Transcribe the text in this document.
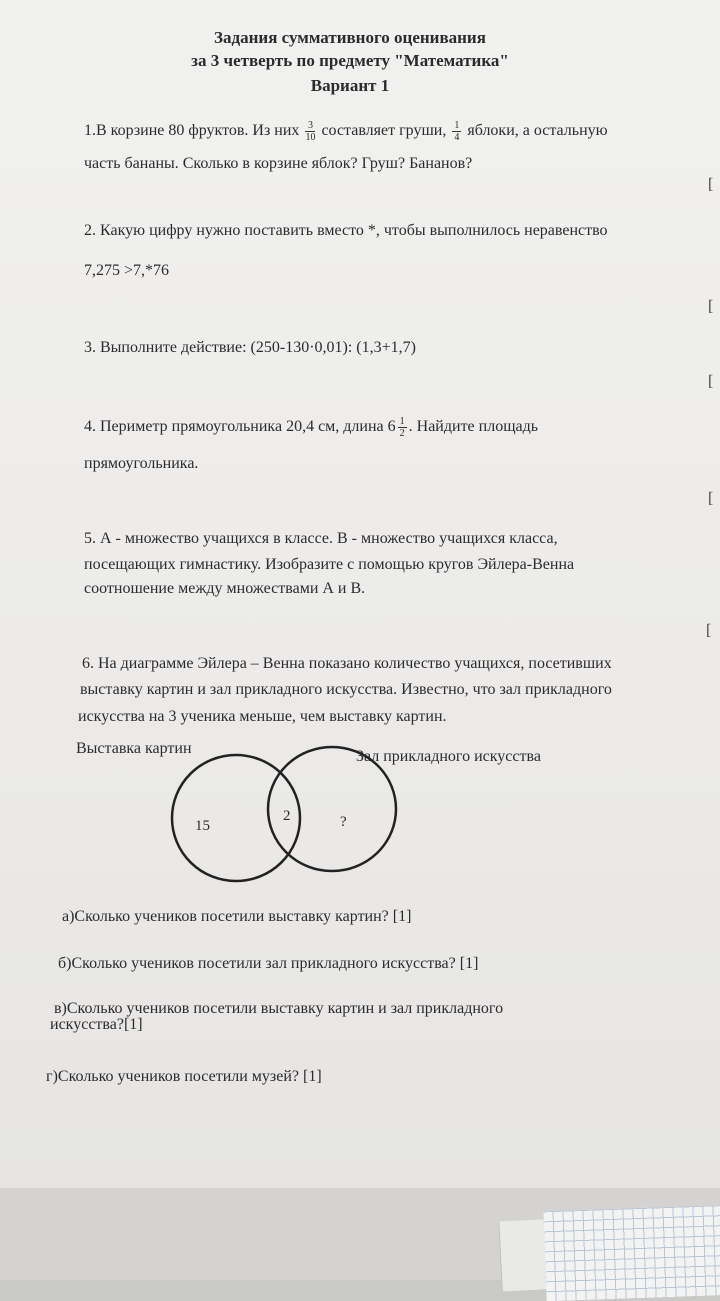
Задания суммативного оценивания
за 3 четверть по предмету "Математика"
Вариант 1
1.В корзине 80 фруктов. Из них $\frac{3}{10}$ составляет груши, $\frac{1}{4}$ яблоки, а остальную
часть бананы. Сколько в корзине яблок? Груш? Бананов?
[
2. Какую цифру нужно поставить вместо *, чтобы выполнилось неравенство
7,275 >7,*76
[
3. Выполните действие: (250-130·0,01): (1,3+1,7)
[
4. Периметр прямоугольника 20,4 см, длина $6 \frac{1}{2}$ . Найдите площадь
прямоугольника.
[
5. А - множество учащихся в классе. В - множество учащихся класса,
посещающих гимнастику. Изобразите с помощью кругов Эйлера-Венна
соотношение между множествами А и В.
[
6. На диаграмме Эйлера – Венна показано количество учащихся, посетивших
выставку картин и зал прикладного искусства. Известно, что зал прикладного
искусства на 3 ученика меньше, чем выставку картин.
Выставка картин	Зал прикладного искусства
15
2	?
а)Сколько учеников посетили выставку картин? [1]
б)Сколько учеников посетили зал прикладного искусства? [1]
в)Сколько учеников посетили выставку картин и зал прикладного
искусства?[1]
г)Сколько учеников посетили музей? [1]
